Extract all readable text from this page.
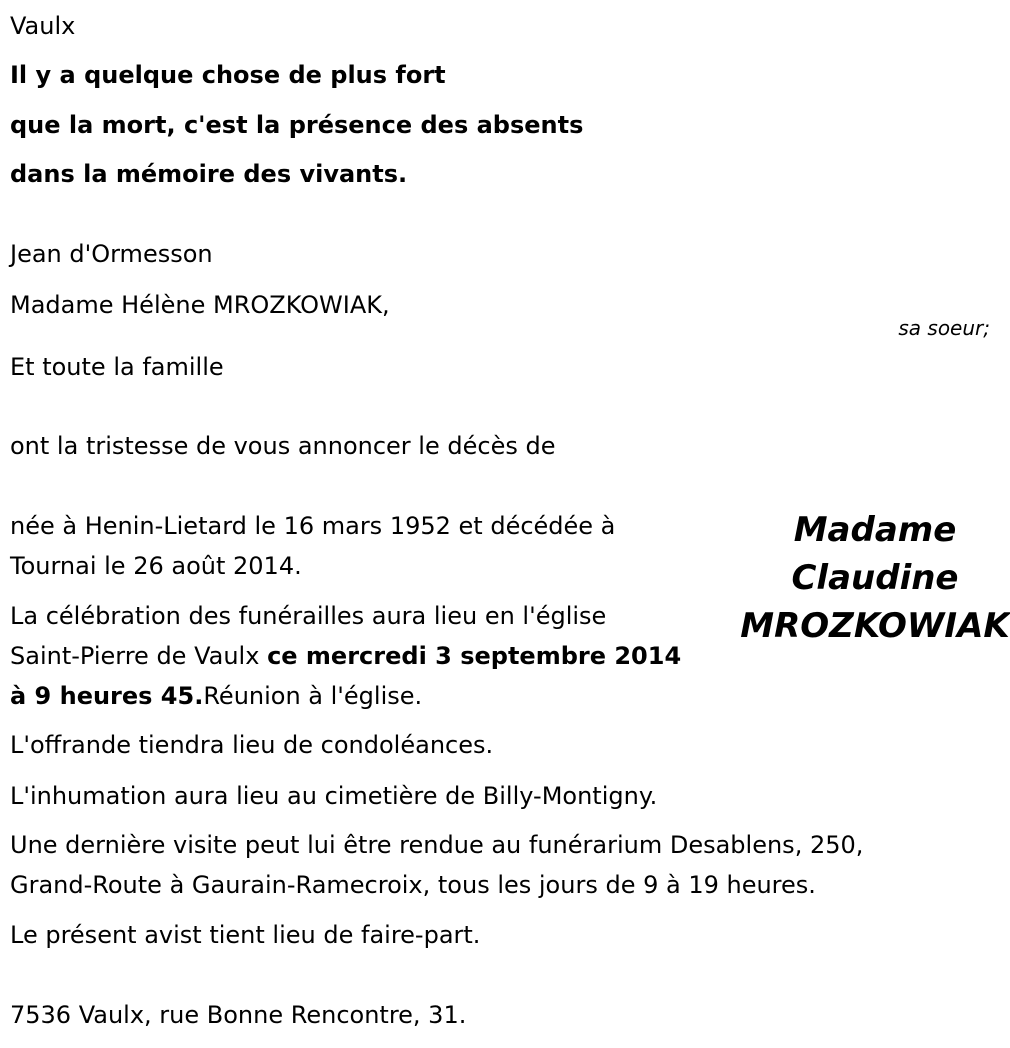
Vaulx

Il y a quelque chose de plus fort

que la mort, c'est la présence des absents

dans la mémoire des vivants.

Jean d'Ormesson

Madame Hélène MROZKOWIAK,

sa soeur;

Et toute la famille

ont la tristesse de vous annoncer le décès de

Madame
Claudine
MROZKOWIAK

née à Henin-Lietard le 16 mars 1952 et décédée à

Tournai le 26 août 2014.

La célébration des funérailles aura lieu en l'église

Saint-Pierre de Vaulx ce mercredi 3 septembre 2014

à 9 heures 45.Réunion à l'église.

L'offrande tiendra lieu de condoléances.

L'inhumation aura lieu au cimetière de Billy-Montigny.

Une dernière visite peut lui être rendue au funérarium Desablens, 250,

Grand-Route à Gaurain-Ramecroix, tous les jours de 9 à 19 heures.

Le présent avist tient lieu de faire-part.

7536 Vaulx, rue Bonne Rencontre, 31.
